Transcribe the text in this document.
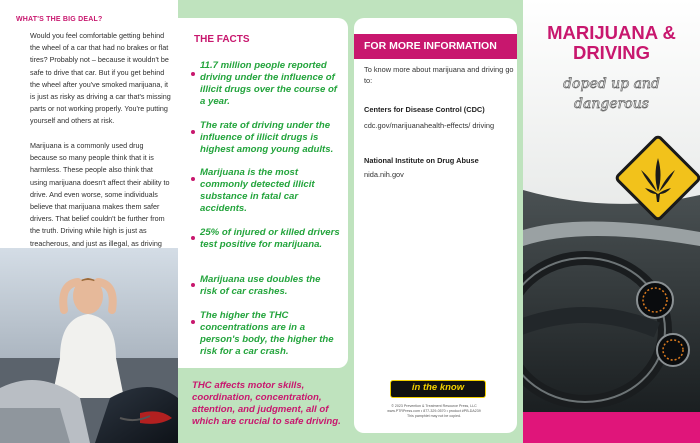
WHAT'S THE BIG DEAL?
Would you feel comfortable getting behind the wheel of a car that had no brakes or flat tires? Probably not – because it wouldn't be safe to drive that car. But if you get behind the wheel after you've smoked marijuana, it is just as risky as driving a car that's missing parts or not working properly. You're putting yourself and others at risk.
Marijuana is a commonly used drug because so many people think that it is harmless. These people also think that using marijuana doesn't affect their ability to drive. And even worse, some individuals believe that marijuana makes them safer drivers. That belief couldn't be further from the truth. Driving while high is just as treacherous, and just as illegal, as driving
THE FACTS
11.7 million people reported driving under the influence of illicit drugs over the course of a year.
The rate of driving under the influence of illicit drugs is highest among young adults.
Marijuana is the most commonly detected illicit substance in fatal car accidents.
25% of injured or killed drivers test positive for marijuana.
Marijuana use doubles the risk of car crashes.
The higher the THC concentrations are in a person's body, the higher the risk for a car crash.
THC affects motor skills, coordination, concentration, attention, and judgment, all of which are crucial to safe driving.
FOR MORE INFORMATION
To know more about marijuana and driving go to:
Centers for Disease Control (CDC)
cdc.gov/marijuanahealth-effects/ driving
National Institute on Drug Abuse
nida.nih.gov
in the know
© 2023 Prevention & Treatment Resource Press, LLC
www.PTRPress.com • 877-329-0570 • product #PB-DA239
This pamphlet may not be copied.
MARIJUANA &
DRIVING
doped up and
dangerous
